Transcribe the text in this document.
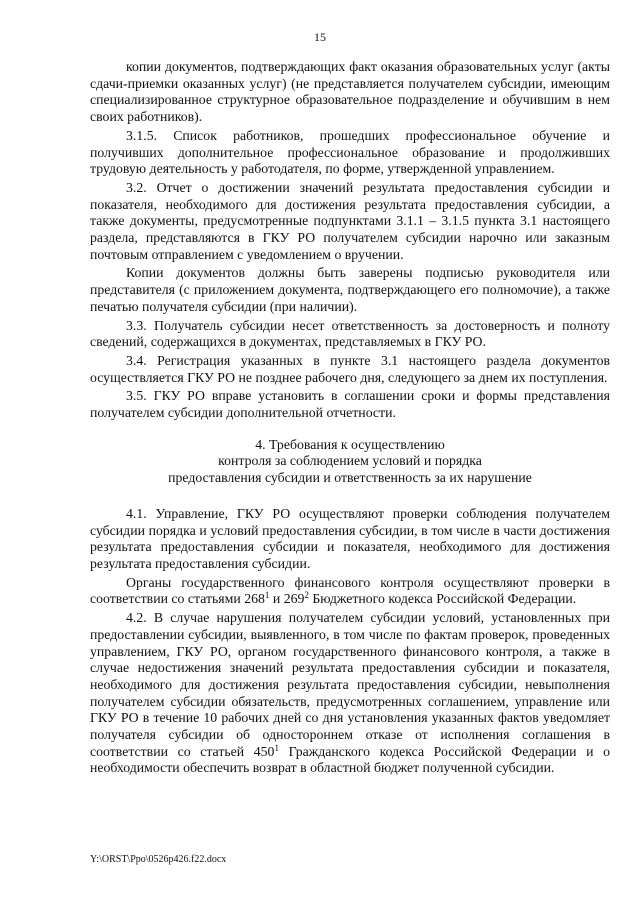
15

копии документов, подтверждающих факт оказания образовательных услуг (акты сдачи-приемки оказанных услуг) (не представляется получателем субсидии, имеющим специализированное структурное образовательное подразделение и обучившим в нем своих работников).

3.1.5. Список работников, прошедших профессиональное обучение и получивших дополнительное профессиональное образование и продолживших трудовую деятельность у работодателя, по форме, утвержденной управлением.

3.2. Отчет о достижении значений результата предоставления субсидии и показателя, необходимого для достижения результата предоставления субсидии, а также документы, предусмотренные подпунктами 3.1.1 – 3.1.5 пункта 3.1 настоящего раздела, представляются в ГКУ РО получателем субсидии нарочно или заказным почтовым отправлением с уведомлением о вручении.

Копии документов должны быть заверены подписью руководителя или представителя (с приложением документа, подтверждающего его полномочие), а также печатью получателя субсидии (при наличии).

3.3. Получатель субсидии несет ответственность за достоверность и полноту сведений, содержащихся в документах, представляемых в ГКУ РО.

3.4. Регистрация указанных в пункте 3.1 настоящего раздела документов осуществляется ГКУ РО не позднее рабочего дня, следующего за днем их поступления.

3.5. ГКУ РО вправе установить в соглашении сроки и формы представления получателем субсидии дополнительной отчетности.

4. Требования к осуществлению
контроля за соблюдением условий и порядка
предоставления субсидии и ответственность за их нарушение

4.1. Управление, ГКУ РО осуществляют проверки соблюдения получателем субсидии порядка и условий предоставления субсидии, в том числе в части достижения результата предоставления субсидии и показателя, необходимого для достижения результата предоставления субсидии.

Органы государственного финансового контроля осуществляют проверки в соответствии со статьями $268^1$ и $269^2$ Бюджетного кодекса Российской Федерации.

4.2. В случае нарушения получателем субсидии условий, установленных при предоставлении субсидии, выявленного, в том числе по фактам проверок, проведенных управлением, ГКУ РО, органом государственного финансового контроля, а также в случае недостижения значений результата предоставления субсидии и показателя, необходимого для достижения результата предоставления субсидии, невыполнения получателем субсидии обязательств, предусмотренных соглашением, управление или ГКУ РО в течение 10 рабочих дней со дня установления указанных фактов уведомляет получателя субсидии об одностороннем отказе от исполнения соглашения в соответствии со статьей $450^1$ Гражданского кодекса Российской Федерации и о необходимости обеспечить возврат в областной бюджет полученной субсидии.

Y:\ORST\Ppo\0526p426.f22.docx
